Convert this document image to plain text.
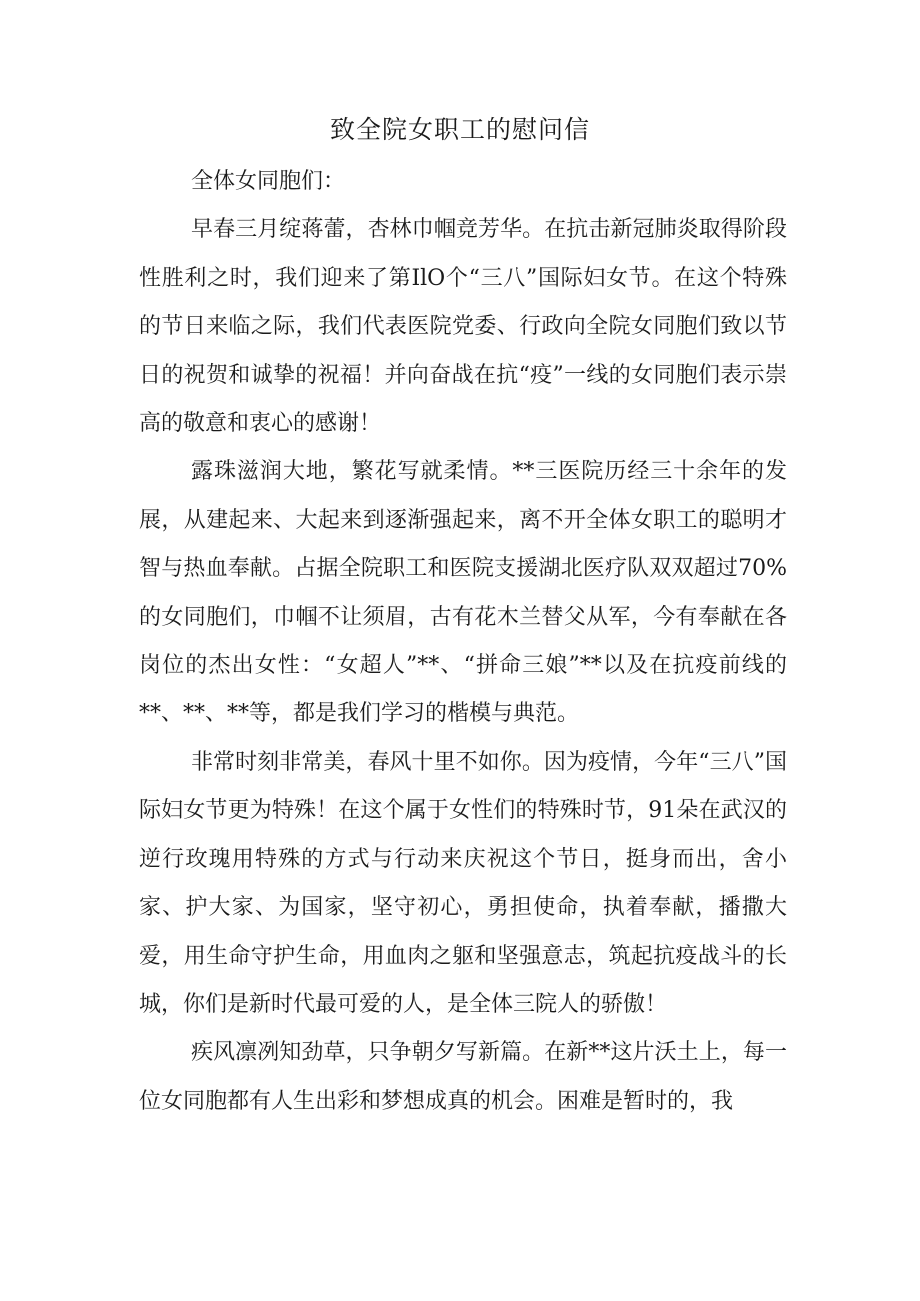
致全院女职工的慰问信

全体女同胞们：

早春三月绽蒋蕾，杏林巾帼竞芳华。在抗击新冠肺炎取得阶段性胜利之时，我们迎来了第IlO个“三八”国际妇女节。在这个特殊的节日来临之际，我们代表医院党委、行政向全院女同胞们致以节日的祝贺和诚挚的祝福！并向奋战在抗“疫”一线的女同胞们表示崇高的敬意和衷心的感谢！

露珠滋润大地，繁花写就柔情。**三医院历经三十余年的发展，从建起来、大起来到逐渐强起来，离不开全体女职工的聪明才智与热血奉献。占据全院职工和医院支援湖北医疗队双双超过70%的女同胞们，巾帼不让须眉，古有花木兰替父从军，今有奉献在各岗位的杰出女性：“女超人”**、“拼命三娘”**以及在抗疫前线的**、**、**等，都是我们学习的楷模与典范。

非常时刻非常美，春风十里不如你。因为疫情，今年“三八”国际妇女节更为特殊！在这个属于女性们的特殊时节，91朵在武汉的逆行玫瑰用特殊的方式与行动来庆祝这个节日，挺身而出，舍小家、护大家、为国家，坚守初心，勇担使命，执着奉献，播撒大爱，用生命守护生命，用血肉之躯和坚强意志，筑起抗疫战斗的长城，你们是新时代最可爱的人，是全体三院人的骄傲！

疾风凛冽知劲草，只争朝夕写新篇。在新**这片沃土上，每一位女同胞都有人生出彩和梦想成真的机会。困难是暂时的，我
